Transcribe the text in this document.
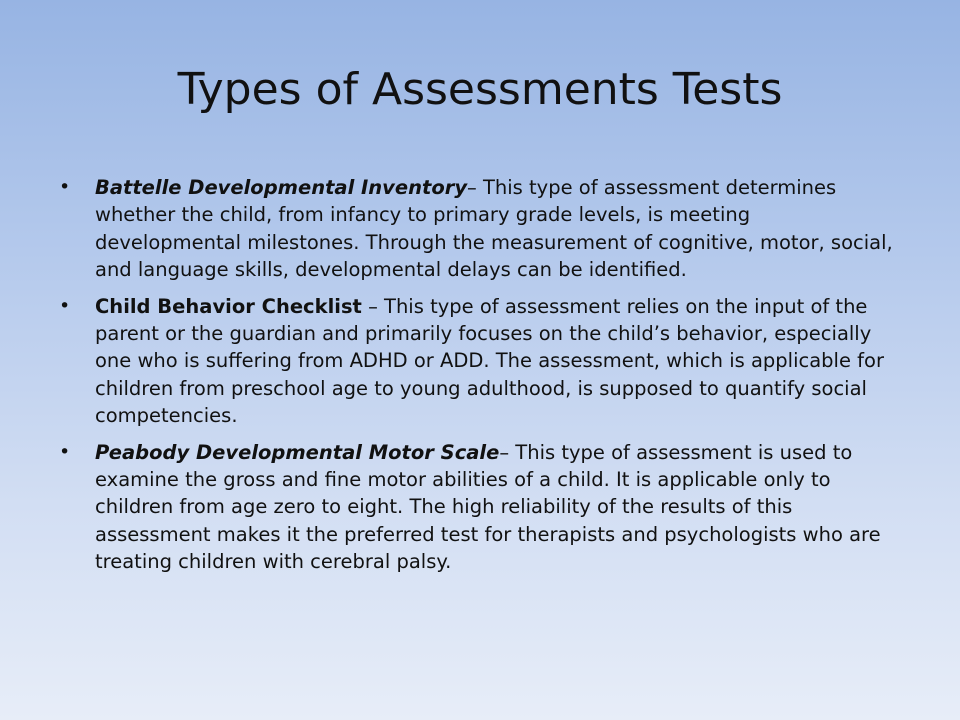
Types of Assessments Tests
• Battelle Developmental Inventory– This type of assessment determines whether the child, from infancy to primary grade levels, is meeting developmental milestones. Through the measurement of cognitive, motor, social, and language skills, developmental delays can be identified.
• Child Behavior Checklist – This type of assessment relies on the input of the parent or the guardian and primarily focuses on the child’s behavior, especially one who is suffering from ADHD or ADD. The assessment, which is applicable for children from preschool age to young adulthood, is supposed to quantify social competencies.
• Peabody Developmental Motor Scale– This type of assessment is used to examine the gross and fine motor abilities of a child. It is applicable only to children from age zero to eight. The high reliability of the results of this assessment makes it the preferred test for therapists and psychologists who are treating children with cerebral palsy.
